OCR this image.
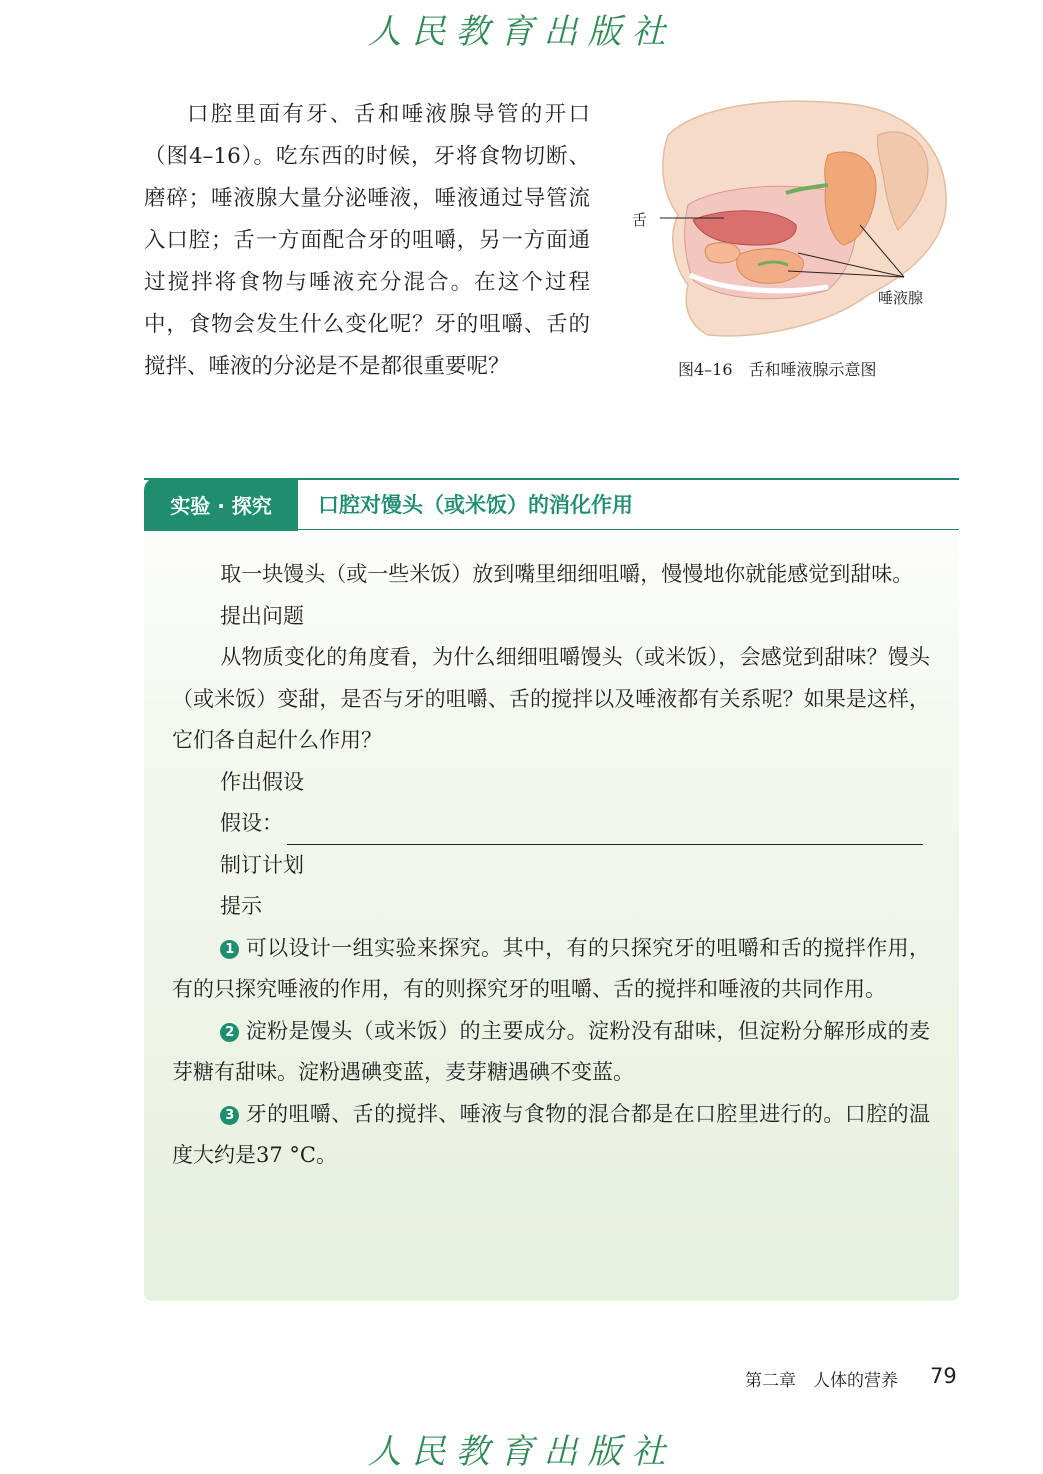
人民教育出版社

口腔里面有牙、舌和唾液腺导管的开口（图4–16）。吃东西的时候，牙将食物切断、磨碎；唾液腺大量分泌唾液，唾液通过导管流入口腔；舌一方面配合牙的咀嚼，另一方面通过搅拌将食物与唾液充分混合。在这个过程中，食物会发生什么变化呢？牙的咀嚼、舌的搅拌、唾液的分泌是不是都很重要呢？

舌
唾液腺
图4–16　舌和唾液腺示意图
实验 · 探究	口腔对馒头（或米饭）的消化作用

取一块馒头（或一些米饭）放到嘴里细细咀嚼，慢慢地你就能感觉到甜味。

提出问题

从物质变化的角度看，为什么细细咀嚼馒头（或米饭），会感觉到甜味？馒头（或米饭）变甜，是否与牙的咀嚼、舌的搅拌以及唾液都有关系呢？如果是这样，它们各自起什么作用？

作出假设
假设：
制订计划
提示

1 可以设计一组实验来探究。其中，有的只探究牙的咀嚼和舌的搅拌作用，有的只探究唾液的作用，有的则探究牙的咀嚼、舌的搅拌和唾液的共同作用。

2 淀粉是馒头（或米饭）的主要成分。淀粉没有甜味，但淀粉分解形成的麦芽糖有甜味。淀粉遇碘变蓝，麦芽糖遇碘不变蓝。

3 牙的咀嚼、舌的搅拌、唾液与食物的混合都是在口腔里进行的。口腔的温度大约是37 °C。

第二章　人体的营养 79
人民教育出版社
